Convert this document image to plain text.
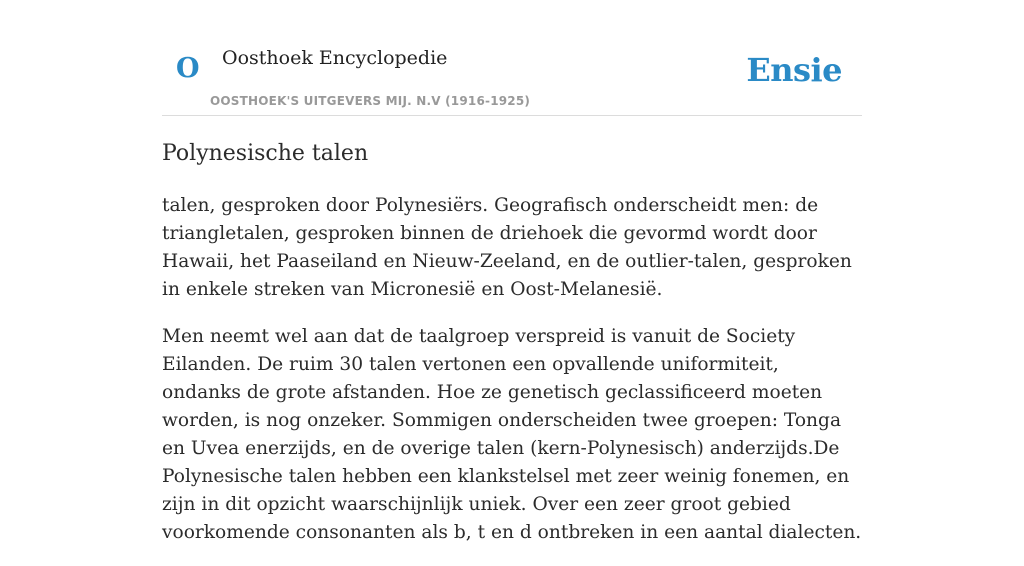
O Oosthoek Encyclopedie
OOSTHOEK'S UITGEVERS MIJ. N.V (1916-1925)
Ensie
Polynesische talen

talen, gesproken door Polynesiërs. Geografisch onderscheidt men: de triangletalen, gesproken binnen de driehoek die gevormd wordt door Hawaii, het Paaseiland en Nieuw-Zeeland, en de outlier-talen, gesproken in enkele streken van Micronesië en Oost-Melanesië.

Men neemt wel aan dat de taalgroep verspreid is vanuit de Society Eilanden. De ruim 30 talen vertonen een opvallende uniformiteit, ondanks de grote afstanden. Hoe ze genetisch geclassificeerd moeten worden, is nog onzeker. Sommigen onderscheiden twee groepen: Tonga en Uvea enerzijds, en de overige talen (kern-Polynesisch) anderzijds.De Polynesische talen hebben een klankstelsel met zeer weinig fonemen, en zijn in dit opzicht waarschijnlijk uniek. Over een zeer groot gebied voorkomende consonanten als b, t en d ontbreken in een aantal dialecten.
